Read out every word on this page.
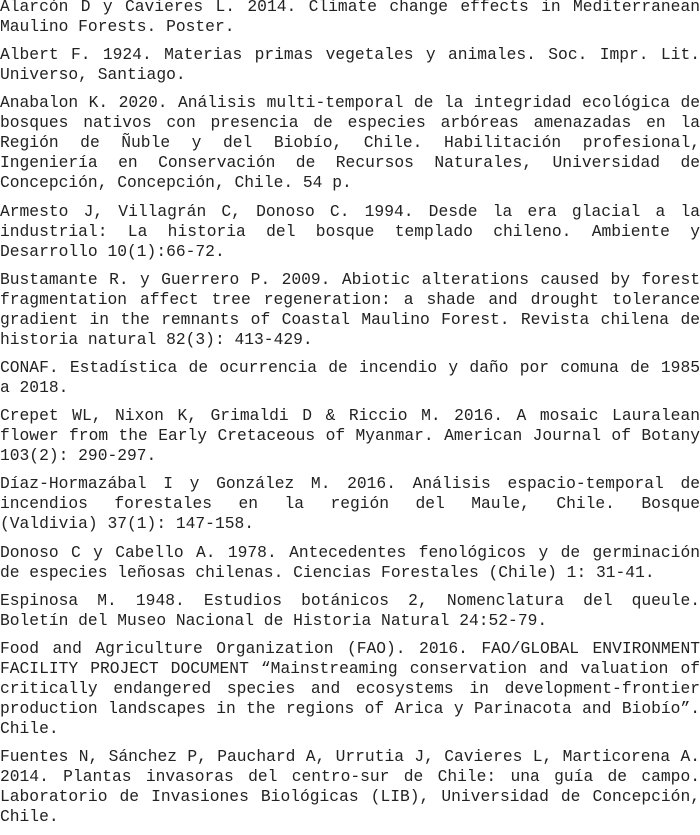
Alarcón D y Cavieres L. 2014. Climate change effects in Mediterranean
Maulino Forests. Poster.
Albert F. 1924. Materias primas vegetales y animales. Soc. Impr. Lit.
Universo, Santiago.
Anabalon K. 2020. Análisis multi-temporal de la integridad ecológica de
bosques nativos con presencia de especies arbóreas amenazadas en la
Región de Ñuble y del Biobío, Chile. Habilitación profesional,
Ingeniería en Conservación de Recursos Naturales, Universidad de
Concepción, Concepción, Chile. 54 p.
Armesto J, Villagrán C, Donoso C. 1994. Desde la era glacial a la
industrial: La historia del bosque templado chileno. Ambiente y
Desarrollo 10(1):66-72.
Bustamante R. y Guerrero P. 2009. Abiotic alterations caused by forest
fragmentation affect tree regeneration: a shade and drought tolerance
gradient in the remnants of Coastal Maulino Forest. Revista chilena de
historia natural 82(3): 413-429.
CONAF. Estadística de ocurrencia de incendio y daño por comuna de 1985
a 2018.
Crepet WL, Nixon K, Grimaldi D & Riccio M. 2016. A mosaic Lauralean
flower from the Early Cretaceous of Myanmar. American Journal of Botany
103(2): 290-297.
Díaz-Hormazábal I y González M. 2016. Análisis espacio-temporal de
incendios forestales en la región del Maule, Chile. Bosque
(Valdivia) 37(1): 147-158.
Donoso C y Cabello A. 1978. Antecedentes fenológicos y de germinación
de especies leñosas chilenas. Ciencias Forestales (Chile) 1: 31-41.
Espinosa M. 1948. Estudios botánicos 2, Nomenclatura del queule.
Boletín del Museo Nacional de Historia Natural 24:52-79.
Food and Agriculture Organization (FAO). 2016. FAO/GLOBAL ENVIRONMENT
FACILITY PROJECT DOCUMENT “Mainstreaming conservation and valuation of
critically endangered species and ecosystems in development-frontier
production landscapes in the regions of Arica y Parinacota and Biobío”.
Chile.
Fuentes N, Sánchez P, Pauchard A, Urrutia J, Cavieres L, Marticorena A.
2014. Plantas invasoras del centro-sur de Chile: una guía de campo.
Laboratorio de Invasiones Biológicas (LIB), Universidad de Concepción,
Chile.
